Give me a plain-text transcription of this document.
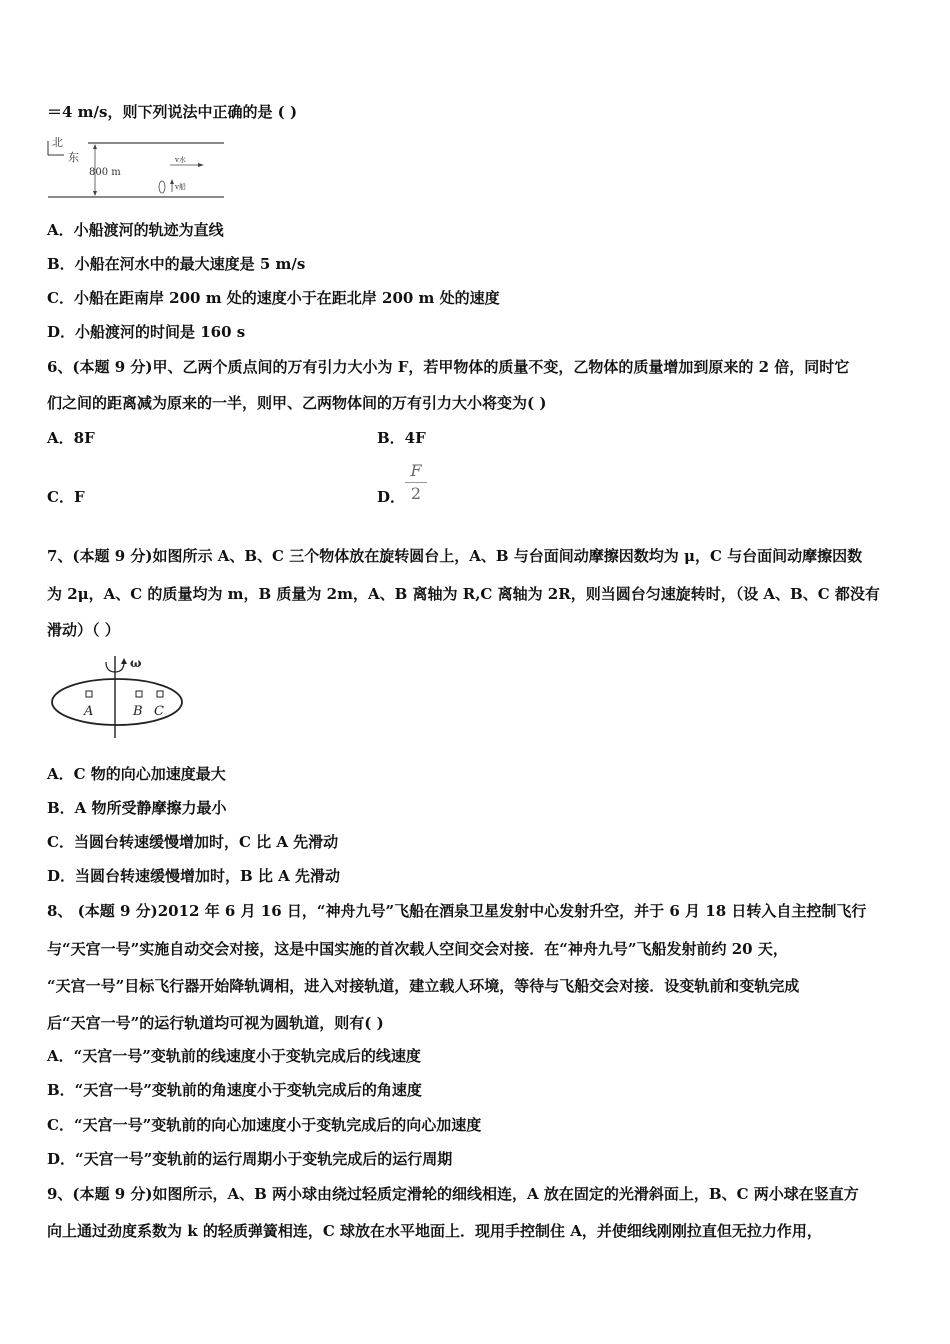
＝4 m/s，则下列说法中正确的是 ( )
北
东
800 m
v水
v船
A．小船渡河的轨迹为直线
B．小船在河水中的最大速度是 5 m/s
C．小船在距南岸 200 m 处的速度小于在距北岸 200 m 处的速度
D．小船渡河的时间是 160 s
6、(本题 9 分)甲、乙两个质点间的万有引力大小为 F，若甲物体的质量不变，乙物体的质量增加到原来的 2 倍，同时它
们之间的距离减为原来的一半，则甲、乙两物体间的万有引力大小将变为( )
A．8F	B．4F
C．F	D．
F
2
7、(本题 9 分)如图所示 A、B、C 三个物体放在旋转圆台上，A、B 与台面间动摩擦因数均为 μ，C 与台面间动摩擦因数
为 2μ，A、C 的质量均为 m，B 质量为 2m，A、B 离轴为 R,C 离轴为 2R，则当圆台匀速旋转时，（设 A、B、C 都没有
滑动）（ ）
ω
A	B C
A．C 物的向心加速度最大
B．A 物所受静摩擦力最小
C．当圆台转速缓慢增加时，C 比 A 先滑动
D．当圆台转速缓慢增加时，B 比 A 先滑动
8、 (本题 9 分)2012 年 6 月 16 日，“神舟九号”飞船在酒泉卫星发射中心发射升空，并于 6 月 18 日转入自主控制飞行
与“天宫一号”实施自动交会对接，这是中国实施的首次载人空间交会对接．在“神舟九号”飞船发射前约 20 天，
“天宫一号”目标飞行器开始降轨调相，进入对接轨道，建立载人环境，等待与飞船交会对接．设变轨前和变轨完成
后“天宫一号”的运行轨道均可视为圆轨道，则有( )
A．“天宫一号”变轨前的线速度小于变轨完成后的线速度
B．“天宫一号”变轨前的角速度小于变轨完成后的角速度
C．“天宫一号”变轨前的向心加速度小于变轨完成后的向心加速度
D．“天宫一号”变轨前的运行周期小于变轨完成后的运行周期
9、(本题 9 分)如图所示，A、B 两小球由绕过轻质定滑轮的细线相连，A 放在固定的光滑斜面上，B、C 两小球在竖直方
向上通过劲度系数为 k 的轻质弹簧相连，C 球放在水平地面上．现用手控制住 A，并使细线刚刚拉直但无拉力作用，
